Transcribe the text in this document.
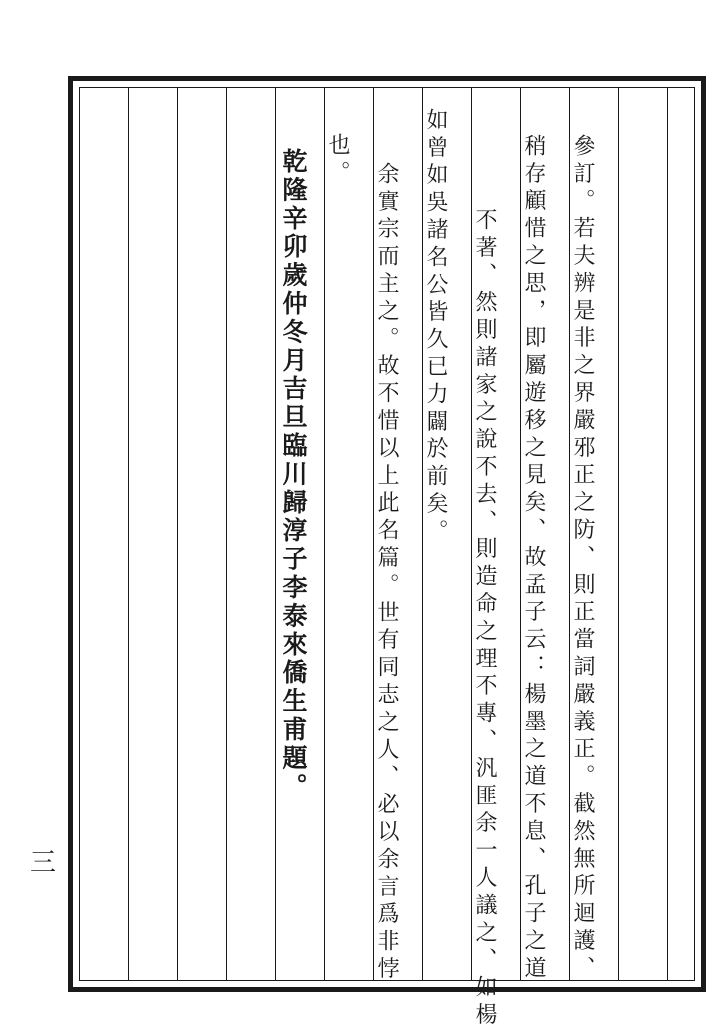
參訂。若夫辨是非之界嚴邪正之防、則正當詞嚴義正。截然無所迴護、
稍存顧惜之思，即屬遊移之見矣、故孟子云：楊墨之道不息、孔子之道
不著、然則諸家之說不去、則造命之理不專、汎匪余一人議之、如楊
如曾如吳諸名公皆久已力闢於前矣。
余實宗而主之。故不惜以上此名篇。世有同志之人、必以余言爲非悖
也。
乾隆辛卯歲仲冬月吉旦臨川歸淳子李泰來僑生甫題。
三
